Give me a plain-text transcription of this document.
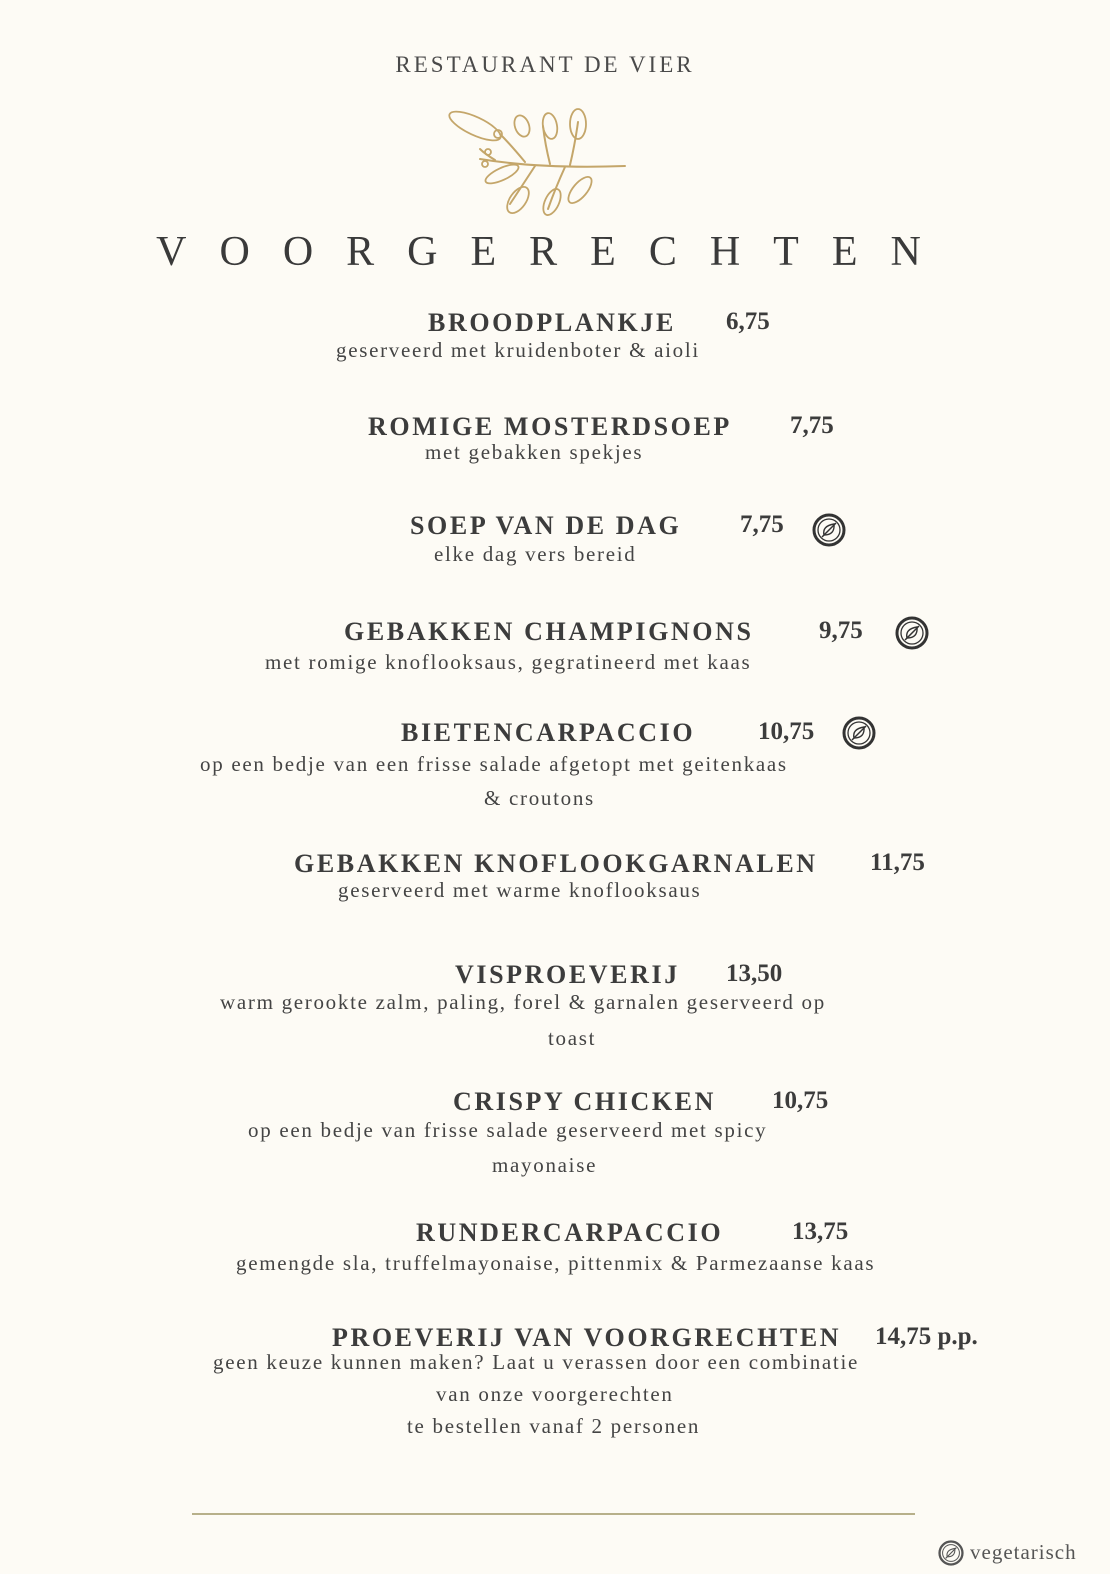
RESTAURANT DE VIER
VOORGERECHTEN
BROODPLANKJE 6,75
geserveerd met kruidenboter & aioli
ROMIGE MOSTERDSOEP 7,75
met gebakken spekjes
SOEP VAN DE DAG 7,75
elke dag vers bereid
GEBAKKEN CHAMPIGNONS	9,75
met romige knoflooksaus, gegratineerd met kaas
BIETENCARPACCIO	10,75
op een bedje van een frisse salade afgetopt met geitenkaas
& croutons
GEBAKKEN KNOFLOOKGARNALEN 11,75
geserveerd met warme knoflooksaus
VISPROEVERIJ 13,50
warm gerookte zalm, paling, forel & garnalen geserveerd op
toast
CRISPY CHICKEN 10,75
op een bedje van frisse salade geserveerd met spicy
mayonaise
RUNDERCARPACCIO	13,75
gemengde sla, truffelmayonaise, pittenmix & Parmezaanse kaas
PROEVERIJ VAN VOORGRECHTEN 14,75 p.p.
geen keuze kunnen maken? Laat u verassen door een combinatie
van onze voorgerechten
te bestellen vanaf 2 personen
vegetarisch
